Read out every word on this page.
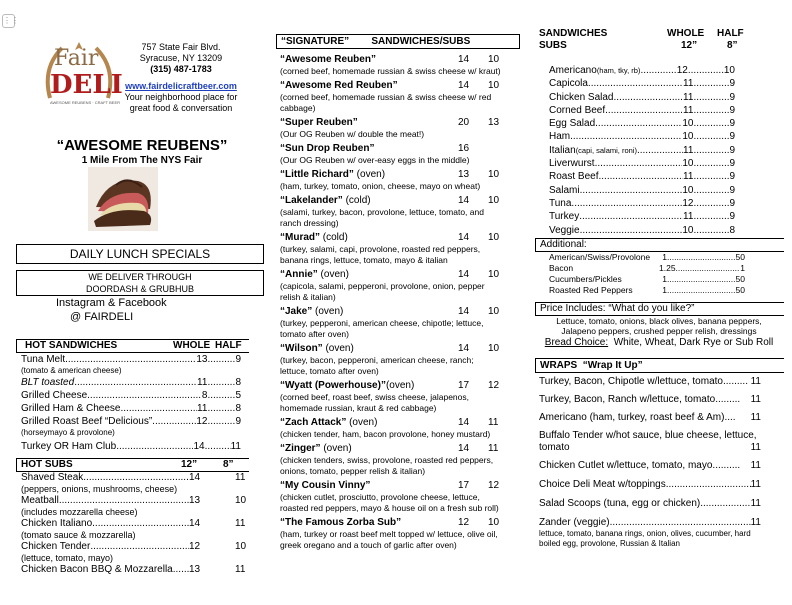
⋮⋮
Fair
DELI
AWESOME REUBENS · CRAFT BEER
757 State Fair Blvd.
Syracuse, NY 13209
(315) 487-1783
www.fairdelicraftbeer.com
Your neighborhood place for great food & conversation
“AWESOME REUBENS”
1 Mile From The NYS Fair
DAILY LUNCH SPECIALS
WE DELIVER THROUGH
DOORDASH & GRUBHUB
Instagram & Facebook
@ FAIRDELI
HOT SANDWICHES	WHOLE HALF
Tuna Melt .....	13 .....	9
(tomato & american cheese)
BLT toasted .....	11 .....	8
Grilled Cheese .....	8 .....	5
Grilled Ham & Cheese .....	11 .....	8
Grilled Roast Beef “Delicious” .....	12 .....	9
(horseymayo & provolone)
Turkey OR Ham Club .....	14 .....	11
HOT SUBS	12”	8”
Shaved Steak .....	14	11
(peppers, onions, mushrooms, cheese)
Meatball .....	13	10
(includes mozzarella cheese)
Chicken Italiano .....	14	11
(tomato sauce & mozzarella)
Chicken Tender .....	12	10
(lettuce, tomato, mayo)
Chicken Bacon BBQ & Mozzarella ..... 13	11
“SIGNATURE”        SANDWICHES/SUBS
“Awesome Reuben”	14	10
(corned beef, homemade russian & swiss cheese w/ kraut)
“Awesome Red Reuben”	14	10
(corned beef, homemade russian & swiss cheese w/ red cabbage)
“Super Reuben”	20	13
(Our OG Reuben w/ double the meat!)
“Sun Drop Reuben”	16
(Our OG Reuben w/ over-easy eggs in the middle)
“Little Richard” (oven)	13	10
(ham, turkey, tomato, onion, cheese, mayo on wheat)
“Lakelander” (cold)	14	10
(salami, turkey, bacon, provolone, lettuce, tomato, and ranch dressing)
“Murad” (cold)	14	10
(turkey, salami, capi, provolone, roasted red peppers, banana rings, lettuce, tomato, mayo & italian
“Annie” (oven)	14	10
(capicola, salami, pepperoni, provolone, onion, pepper relish & italian)
“Jake” (oven)	14	10
(turkey, pepperoni, american cheese, chipotle; lettuce, tomato after oven)
“Wilson” (oven)	14	10
(turkey, bacon, pepperoni, american cheese, ranch; lettuce, tomato after oven)
“Wyatt (Powerhouse)” (oven)	17	12
(corned beef, roast beef, swiss cheese, jalapenos, homemade russian, kraut & red cabbage)
“Zach Attack” (oven)	14	11
(chicken tender, ham, bacon provolone, honey mustard)
“Zinger” (oven)	14	11
(chicken tenders, swiss, provolone, roasted red peppers, onions, tomato, pepper relish & italian)
“My Cousin Vinny”	17	12
(chicken cutlet, prosciutto, provolone cheese, lettuce, roasted red peppers, mayo & house oil on a fresh sub roll)
“The Famous Zorba Sub”	12	10
(ham, turkey or roast beef melt topped w/ lettuce, olive oil, greek oregano and a touch of garlic after oven)
SANDWICHES
SUBS
WHOLE HALF
12”	8”
Americano (ham, tky, rb) .....	12 .....	10
Capicola .....	11 .....	9
Chicken Salad .....	11 .....	9
Corned Beef .....	11 .....	9
Egg Salad .....	10 .....	9
Ham .....	10 .....	9
Italian (capi, salami, roni) .....	11 .....	9
Liverwurst .....	10 .....	9
Roast Beef .....	11 .....	9
Salami .....	10 .....	9
Tuna .....	12 .....	9
Turkey .....	11 .....	9
Veggie .....	10 .....	8
Additional:
American/Swiss/Provolone	1 .....	.50
Bacon	1.25 .....	1
Cucumbers/Pickles	1 .....	.50
Roasted Red Peppers	1 .....	.50
Price Includes: “What do you like?”
Lettuce, tomato, onions, black olives, banana peppers,
Jalapeno peppers, crushed pepper relish, dressings
Bread Choice:  White, Wheat, Dark Rye or Sub Roll
WRAPS  “Wrap It Up”
Turkey, Bacon, Chipotle w/lettuce, tomato......... 11
Turkey, Bacon, Ranch w/lettuce, tomato......... 11
Americano (ham, turkey, roast beef & Am).... 11
Buffalo Tender w/hot sauce, blue cheese, lettuce, tomato	11
Chicken Cutlet w/lettuce, tomato, mayo.......... 11
Choice Deli Meat w/toppings .....	11
Salad Scoops (tuna, egg or chicken) .....	11
Zander (veggie) .....	11
lettuce, tomato, banana rings, onion, olives, cucumber, hard boiled egg, provolone, Russian & Italian
